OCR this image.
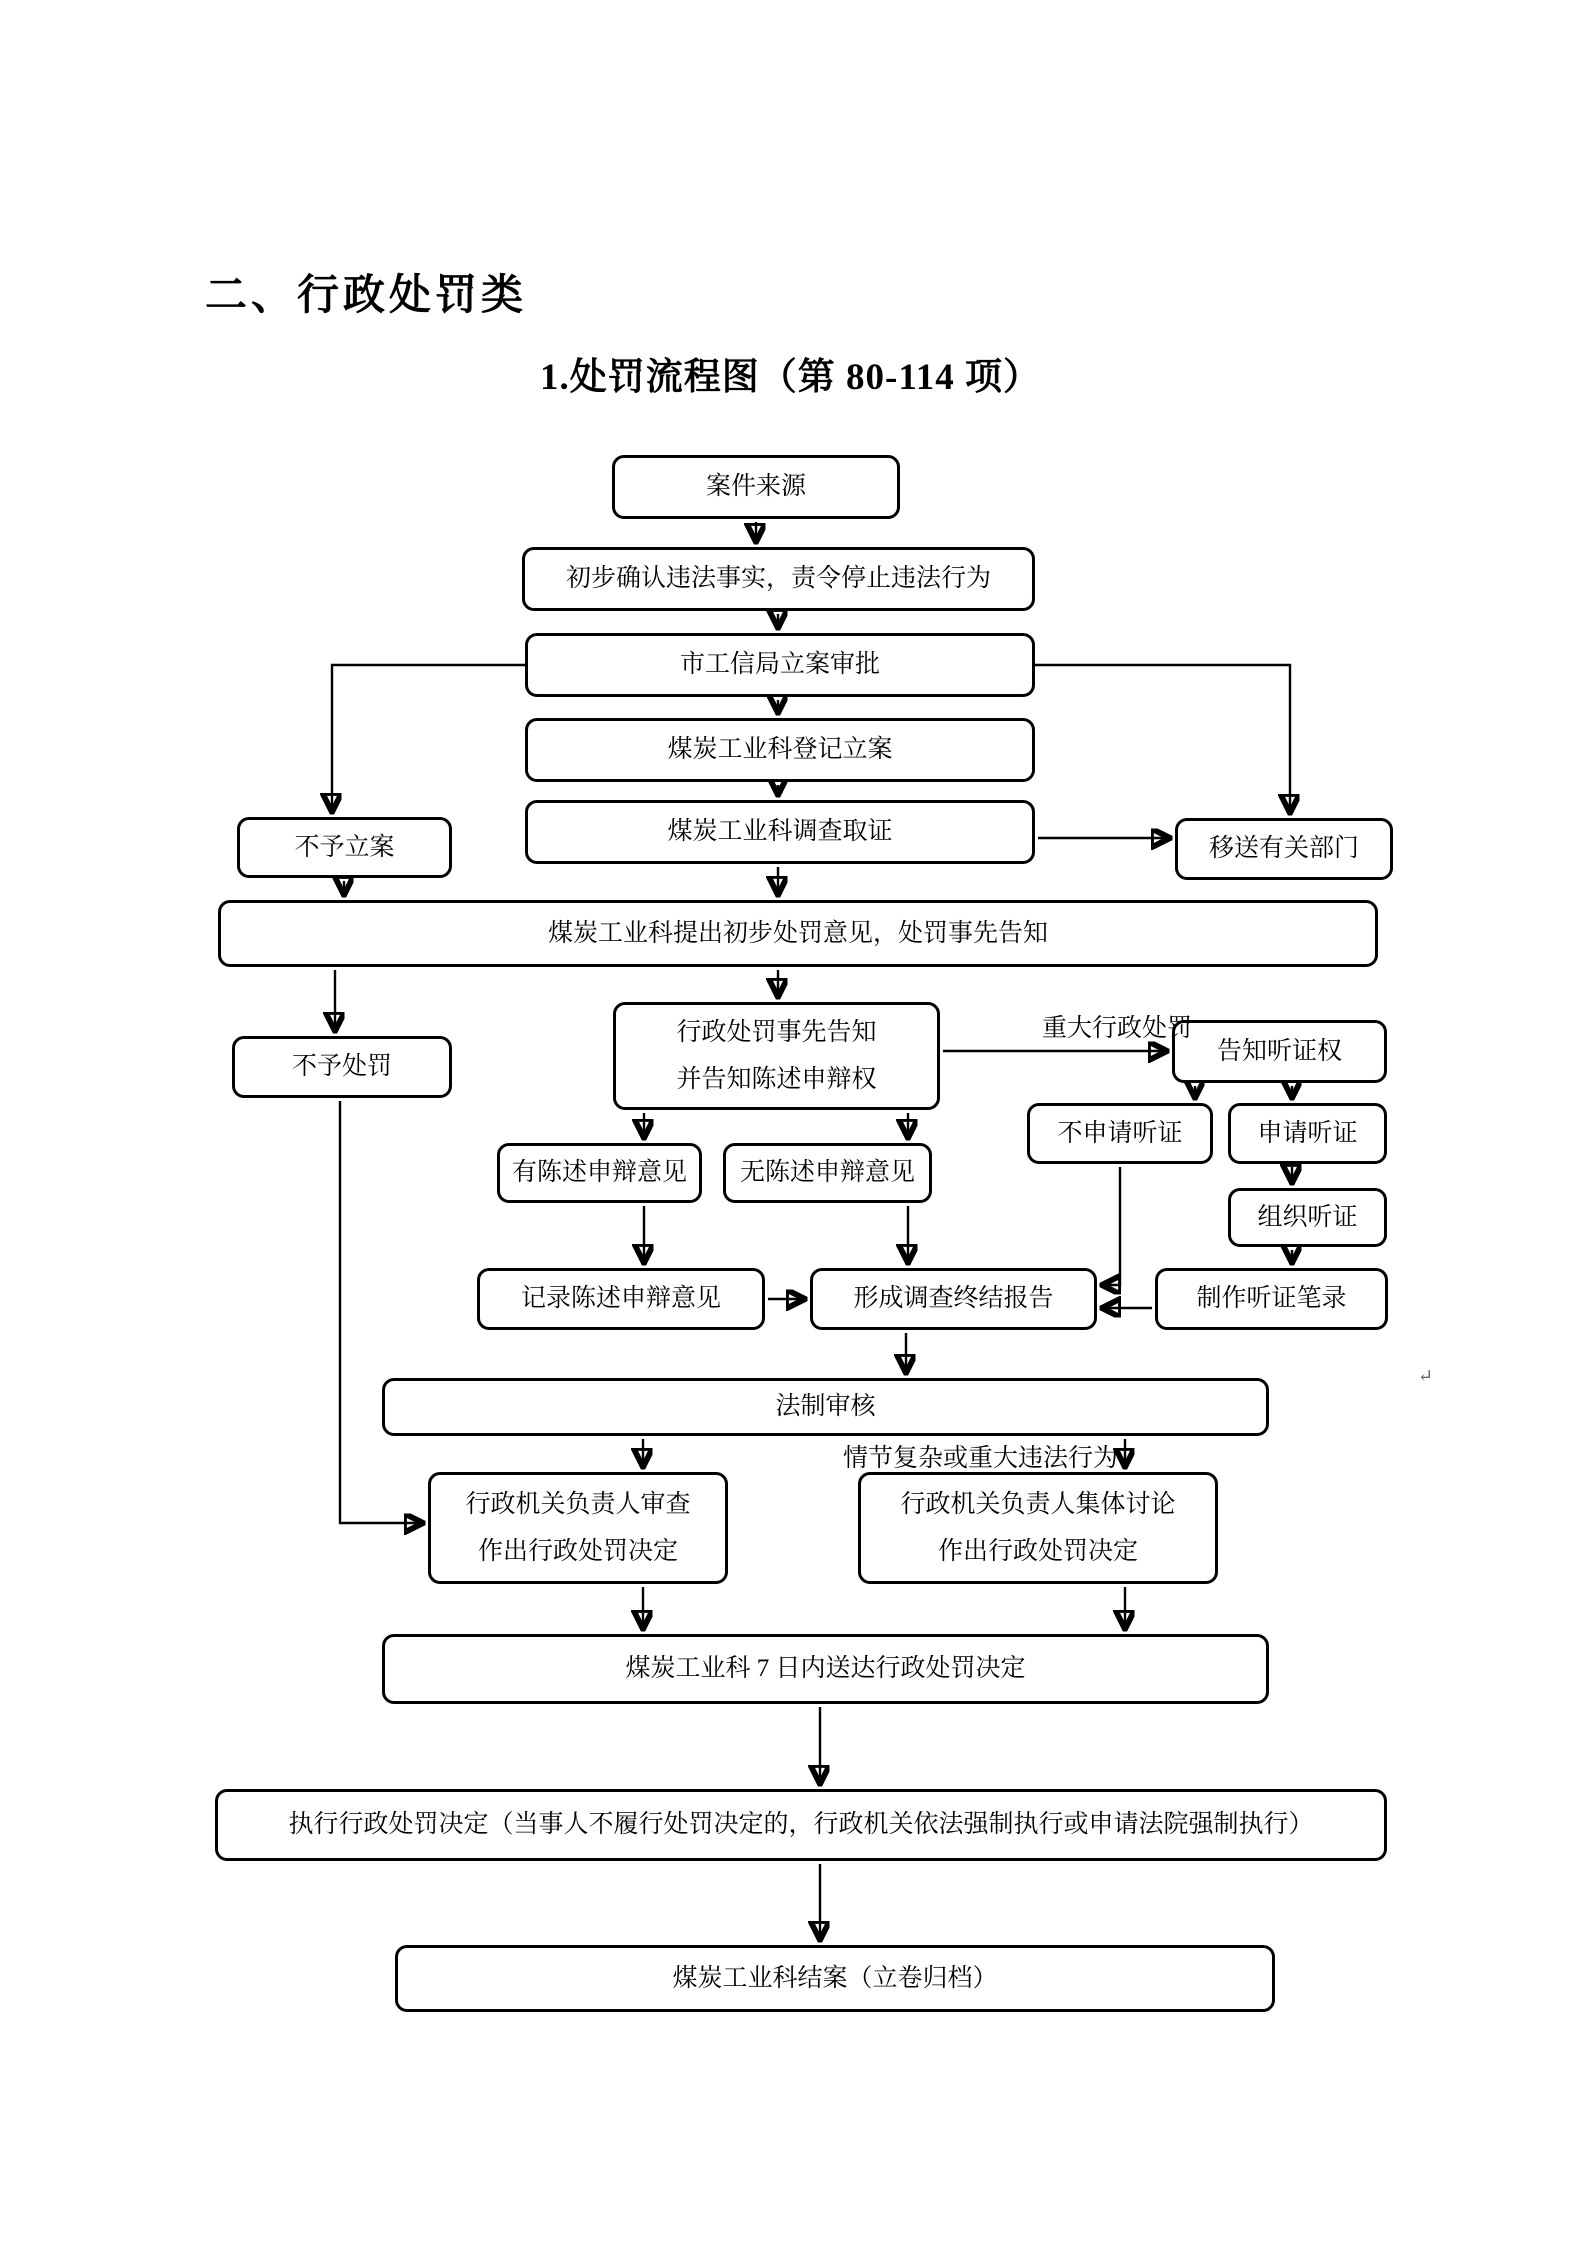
二、行政处罚类
1.处罚流程图（第 80-114 项）
案件来源
初步确认违法事实，责令停止违法行为
市工信局立案审批
煤炭工业科登记立案
煤炭工业科调查取证
不予立案	移送有关部门
煤炭工业科提出初步处罚意见，处罚事先告知
不予处罚
行政处罚事先告知
并告知陈述申辩权
告知听证权
不申请听证	申请听证
组织听证
有陈述申辩意见 无陈述申辩意见
记录陈述申辩意见	形成调查终结报告	制作听证笔录
法制审核
行政机关负责人审查
作出行政处罚决定
行政机关负责人集体讨论
作出行政处罚决定
煤炭工业科 7 日内送达行政处罚决定
执行行政处罚决定（当事人不履行处罚决定的，行政机关依法强制执行或申请法院强制执行）
煤炭工业科结案（立卷归档）
重大行政处罚
情节复杂或重大违法行为
↵
